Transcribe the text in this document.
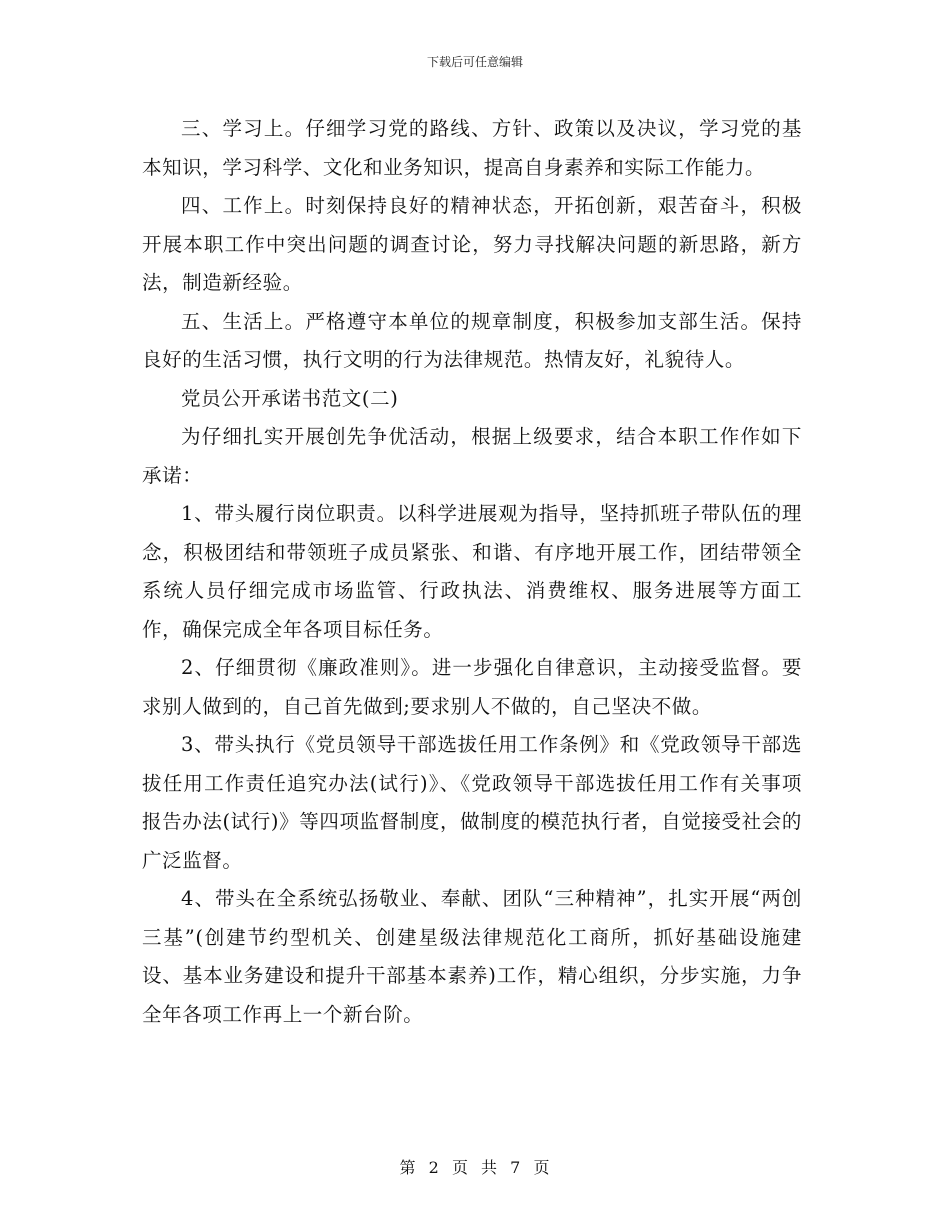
下载后可任意编辑

三、学习上。仔细学习党的路线、方针、政策以及决议，学习党的基本知识，学习科学、文化和业务知识，提高自身素养和实际工作能力。

四、工作上。时刻保持良好的精神状态，开拓创新，艰苦奋斗，积极开展本职工作中突出问题的调查讨论，努力寻找解决问题的新思路，新方法，制造新经验。

五、生活上。严格遵守本单位的规章制度，积极参加支部生活。保持良好的生活习惯，执行文明的行为法律规范。热情友好，礼貌待人。

党员公开承诺书范文(二)

为仔细扎实开展创先争优活动，根据上级要求，结合本职工作作如下承诺：

1、带头履行岗位职责。以科学进展观为指导，坚持抓班子带队伍的理念，积极团结和带领班子成员紧张、和谐、有序地开展工作，团结带领全系统人员仔细完成市场监管、行政执法、消费维权、服务进展等方面工作，确保完成全年各项目标任务。

2、仔细贯彻《廉政准则》。进一步强化自律意识，主动接受监督。要求别人做到的，自己首先做到;要求别人不做的，自己坚决不做。

3、带头执行《党员领导干部选拔任用工作条例》和《党政领导干部选拔任用工作责任追究办法(试行)》、《党政领导干部选拔任用工作有关事项报告办法(试行)》等四项监督制度，做制度的模范执行者，自觉接受社会的广泛监督。

4、带头在全系统弘扬敬业、奉献、团队“三种精神”，扎实开展“两创三基”(创建节约型机关、创建星级法律规范化工商所，抓好基础设施建设、基本业务建设和提升干部基本素养)工作，精心组织，分步实施，力争全年各项工作再上一个新台阶。

第 2 页 共 7 页
